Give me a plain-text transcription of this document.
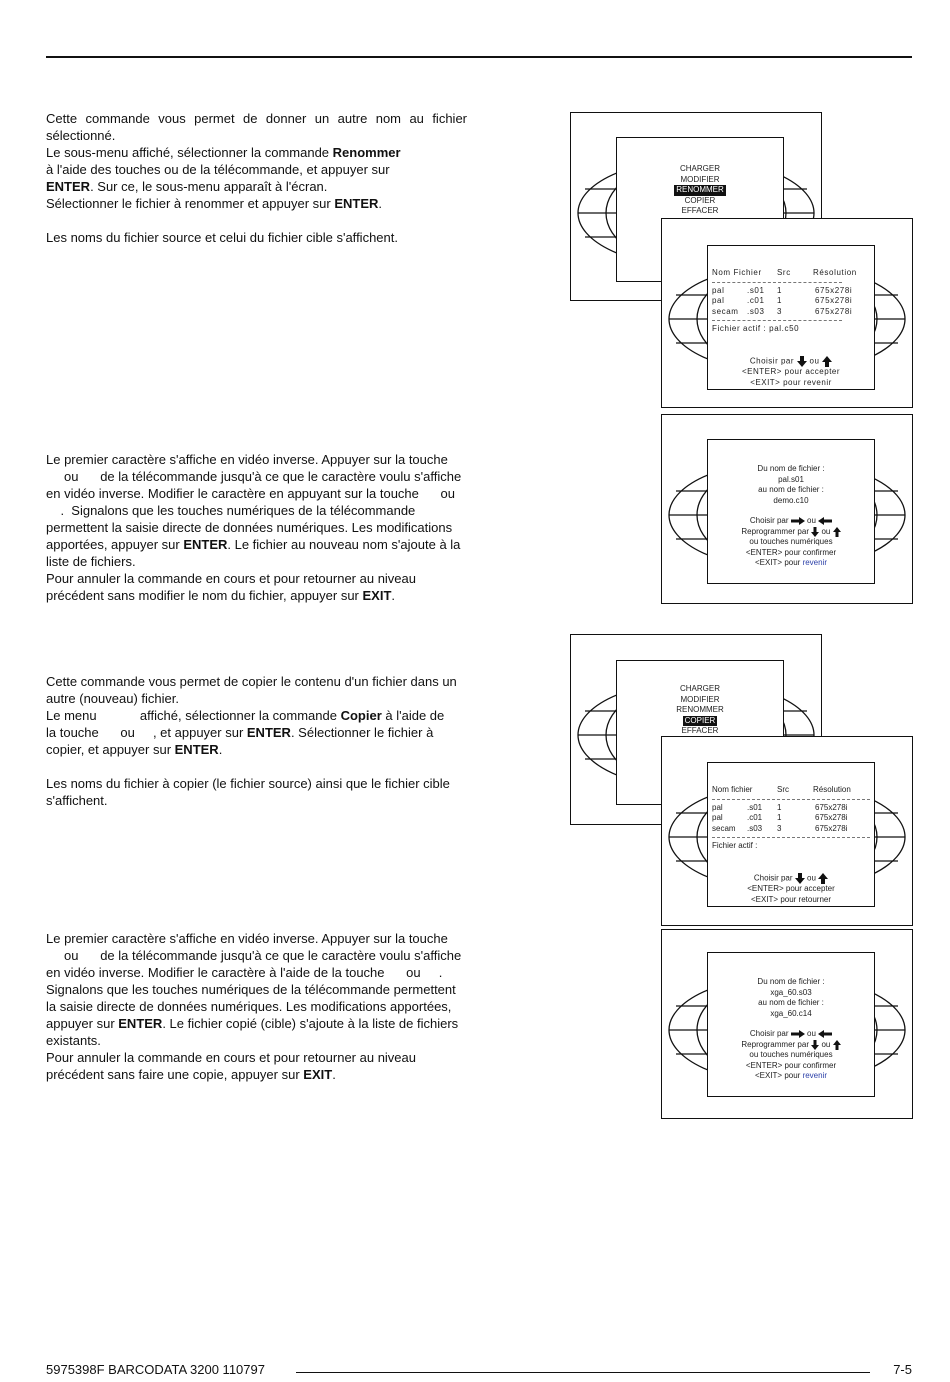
Cette commande vous permet de donner un autre nom au fichier sélectionné.

Le sous-menu affiché, sélectionner la commande Renommer

à l'aide des touches ou de la télécommande, et appuyer sur

ENTER. Sur ce, le sous-menu apparaît à l'écran.

Sélectionner le fichier à renommer et appuyer sur ENTER.

Les noms du fichier source et celui du fichier cible s'affichent.

Le premier caractère s'affiche en vidéo inverse. Appuyer sur la touche

ou      de la télécommande jusqu'à ce que le caractère voulu s'affiche

en vidéo inverse. Modifier le caractère en appuyant sur la touche      ou

.  Signalons que les touches numériques de la télécommande

permettent la saisie directe de données numériques. Les modifications

apportées, appuyer sur ENTER. Le fichier au nouveau nom s'ajoute à la

liste de fichiers.

Pour annuler la commande en cours et pour retourner au niveau

précédent sans modifier le nom du fichier, appuyer sur EXIT.

Cette commande vous permet de copier le contenu d'un fichier dans un

autre (nouveau) fichier.

Le menu            affiché, sélectionner la commande Copier à l'aide de

la touche      ou     , et appuyer sur ENTER. Sélectionner le fichier à

copier, et appuyer sur ENTER.

Les noms du fichier à copier (le fichier source) ainsi que le fichier cible

s'affichent.

Le premier caractère s'affiche en vidéo inverse. Appuyer sur la touche

ou      de la télécommande jusqu'à ce que le caractère voulu s'affiche

en vidéo inverse. Modifier le caractère à l'aide de la touche      ou     .

Signalons que les touches numériques de la télécommande permettent

la saisie directe de données numériques. Les modifications apportées,

appuyer sur ENTER. Le fichier copié (cible) s'ajoute à la liste de fichiers

existants.

Pour annuler la commande en cours et pour retourner au niveau

précédent sans faire une copie, appuyer sur EXIT.

CHARGER
MODIFIER
RENOMMER
COPIER
EFFACER
Nom Fichier	Src	Résolution
pal	.s01	1	675x278i
pal	.c01	1	675x278i
secam	.s03	3	675x278i
Fichier actif : pal.c50
Choisir par ou
<ENTER> pour accepter
<EXIT> pour revenir
Du nom de fichier :
pal.s01
au nom de fichier :
demo.c10
Choisir par ou
Reprogrammer par ou
ou touches numériques
<ENTER> pour confirmer
<EXIT> pour revenir
CHARGER
MODIFIER
RENOMMER
COPIER
EFFACER
Nom fichier	Src	Résolution
pal	.s01	1	675x278i
pal	.c01	1	675x278i
secam	.s03	3	675x278i
Fichier actif :
Choisir par ou
<ENTER> pour accepter
<EXIT> pour retourner
Du nom de fichier :
xga_60.s03
au nom de fichier :
xga_60.c14
Choisir par ou
Reprogrammer par ou
ou touches numériques
<ENTER> pour confirmer
<EXIT> pour revenir
5975398F BARCODATA 3200 110797	7-5
